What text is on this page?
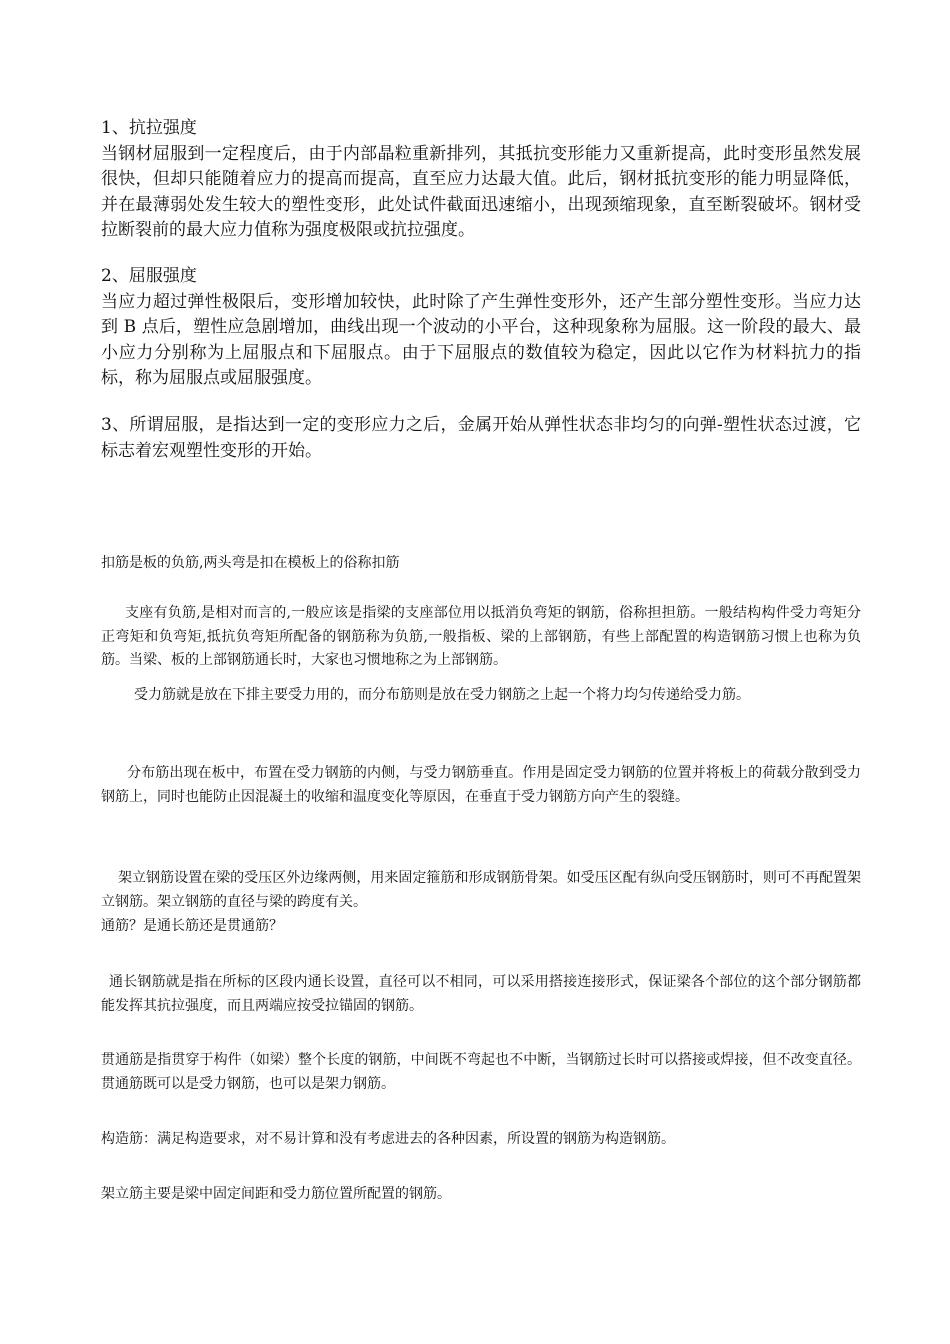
1、抗拉强度
当钢材屈服到一定程度后，由于内部晶粒重新排列，其抵抗变形能力又重新提高，此时变形虽然发展很快，但却只能随着应力的提高而提高，直至应力达最大值。此后，钢材抵抗变形的能力明显降低，并在最薄弱处发生较大的塑性变形，此处试件截面迅速缩小，出现颈缩现象，直至断裂破坏。钢材受拉断裂前的最大应力值称为强度极限或抗拉强度。
2、屈服强度
当应力超过弹性极限后，变形增加较快，此时除了产生弹性变形外，还产生部分塑性变形。当应力达到 B 点后，塑性应急剧增加，曲线出现一个波动的小平台，这种现象称为屈服。这一阶段的最大、最小应力分别称为上屈服点和下屈服点。由于下屈服点的数值较为稳定，因此以它作为材料抗力的指标，称为屈服点或屈服强度。
3、所谓屈服，是指达到一定的变形应力之后，金属开始从弹性状态非均匀的向弹-塑性状态过渡，它标志着宏观塑性变形的开始。
扣筋是板的负筋,两头弯是扣在模板上的俗称扣筋
支座有负筋,是相对而言的,一般应该是指梁的支座部位用以抵消负弯矩的钢筋，俗称担担筋。一般结构构件受力弯矩分正弯矩和负弯矩,抵抗负弯矩所配备的钢筋称为负筋,一般指板、梁的上部钢筋，有些上部配置的构造钢筋习惯上也称为负筋。当梁、板的上部钢筋通长时，大家也习惯地称之为上部钢筋。
受力筋就是放在下排主要受力用的，而分布筋则是放在受力钢筋之上起一个将力均匀传递给受力筋。
分布筋出现在板中，布置在受力钢筋的内侧，与受力钢筋垂直。作用是固定受力钢筋的位置并将板上的荷载分散到受力钢筋上，同时也能防止因混凝土的收缩和温度变化等原因，在垂直于受力钢筋方向产生的裂缝。
架立钢筋设置在梁的受压区外边缘两侧，用来固定箍筋和形成钢筋骨架。如受压区配有纵向受压钢筋时，则可不再配置架立钢筋。架立钢筋的直径与梁的跨度有关。
通筋？是通长筋还是贯通筋？
通长钢筋就是指在所标的区段内通长设置，直径可以不相同，可以采用搭接连接形式，保证梁各个部位的这个部分钢筋都能发挥其抗拉强度，而且两端应按受拉锚固的钢筋。
贯通筋是指贯穿于构件（如梁）整个长度的钢筋，中间既不弯起也不中断，当钢筋过长时可以搭接或焊接，但不改变直径。贯通筋既可以是受力钢筋，也可以是架力钢筋。
构造筋：满足构造要求，对不易计算和没有考虑进去的各种因素，所设置的钢筋为构造钢筋。
架立筋主要是梁中固定间距和受力筋位置所配置的钢筋。
